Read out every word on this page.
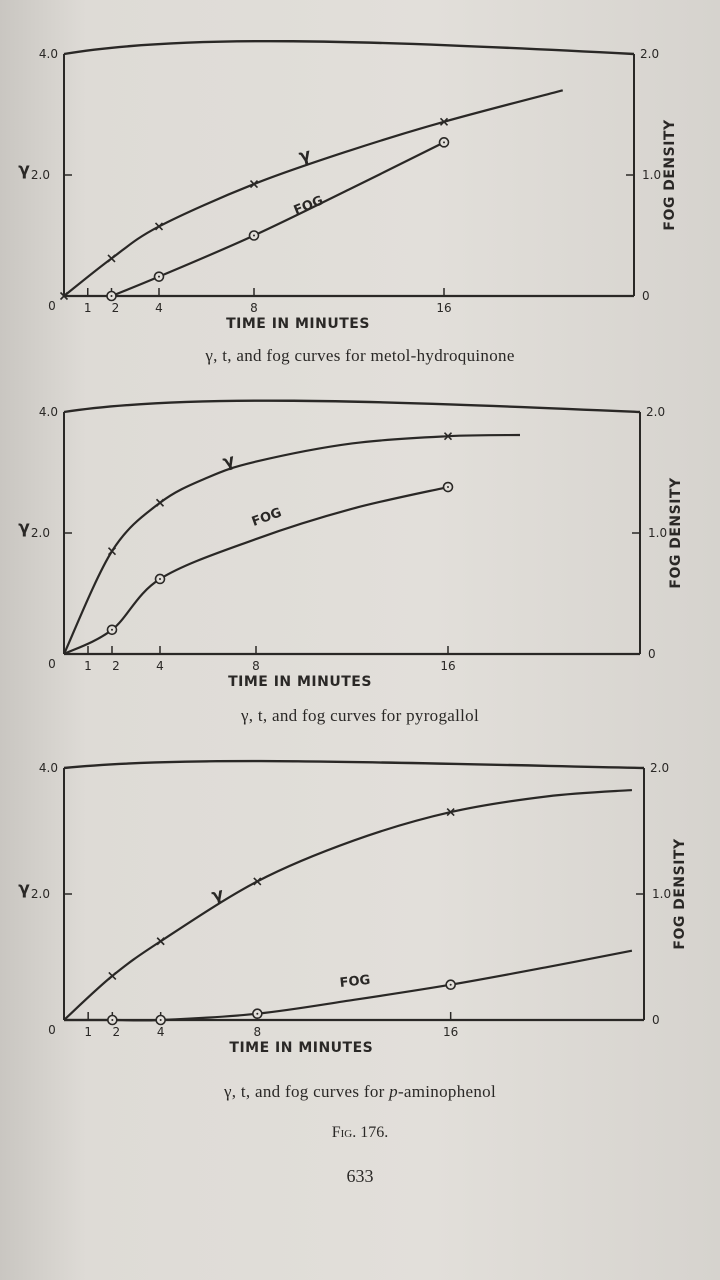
4.0
2.0
γ
0
2.0
1.0
0
FOG DENSITY
1 2	4	8	16
TIME IN MINUTES
γ
FOG
γ, t, and fog curves for metol-hydroquinone
4.0
2.0
γ
0
2.0
1.0
0
FOG DENSITY
1 2	4	8	16
TIME IN MINUTES
γ
FOG
γ, t, and fog curves for pyrogallol
4.0
2.0
γ
0
2.0
1.0
0
FOG DENSITY
1 2	4	8	16
TIME IN MINUTES
γ
FOG
γ, t, and fog curves for p-aminophenol
Fig. 176.
633
